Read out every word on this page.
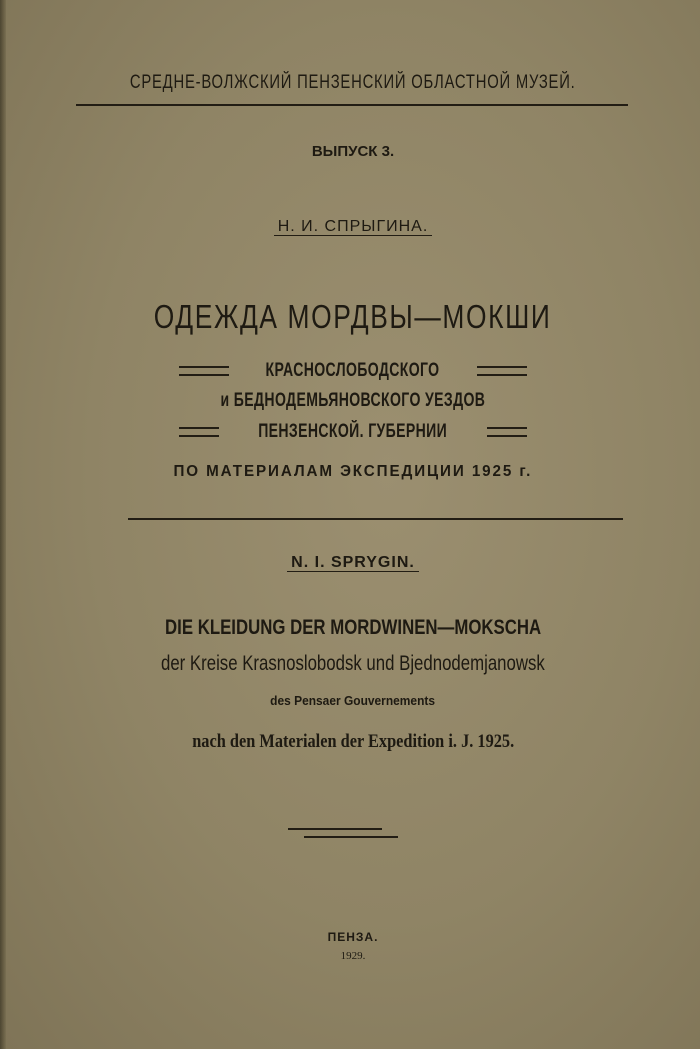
СРЕДНЕ-ВОЛЖСКИЙ ПЕНЗЕНСКИЙ ОБЛАСТНОЙ МУЗЕЙ.
ВЫПУСК 3.
Н. И. СПРЫГИНА.
ОДЕЖДА МОРДВЫ—МОКШИ
КРАСНОСЛОБОДСКОГО
и БЕДНОДЕМЬЯНОВСКОГО УЕЗДОВ
ПЕНЗЕНСКОЙ. ГУБЕРНИИ
ПО МАТЕРИАЛАМ ЭКСПЕДИЦИИ 1925 г.
N. I. SPRYGIN.
DIE KLEIDUNG DER MORDWINEN—MOKSCHA
der Kreise Krasnoslobodsk und Bjednodemjanowsk
des Pensaer Gouvernements
nach den Materialen der Expedition i. J. 1925.
ПЕНЗА.
1929.
